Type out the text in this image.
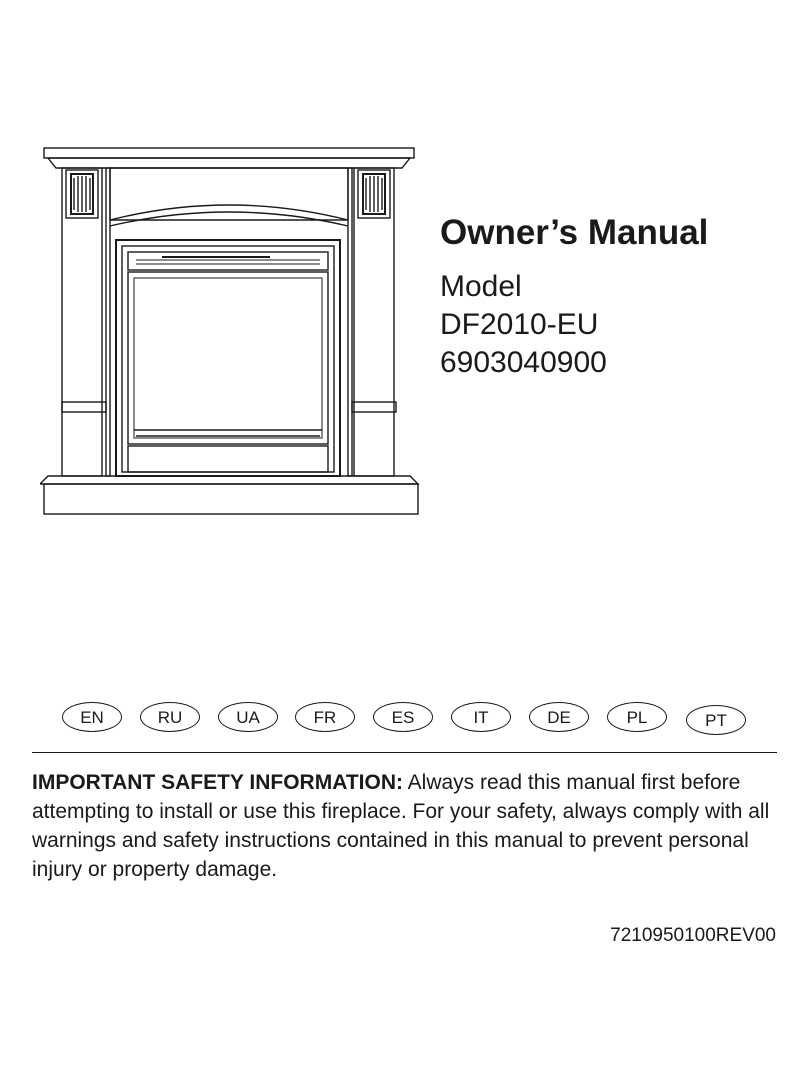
Owner’s Manual
Model
DF2010-EU
6903040900
EN	RU	UA	FR	ES	IT	DE	PL	PT

IMPORTANT SAFETY INFORMATION: Always read this manual first before attempting to install or use this fireplace. For your safety, always comply with all warnings and safety instructions contained in this manual to prevent personal injury or property damage.

7210950100REV00
